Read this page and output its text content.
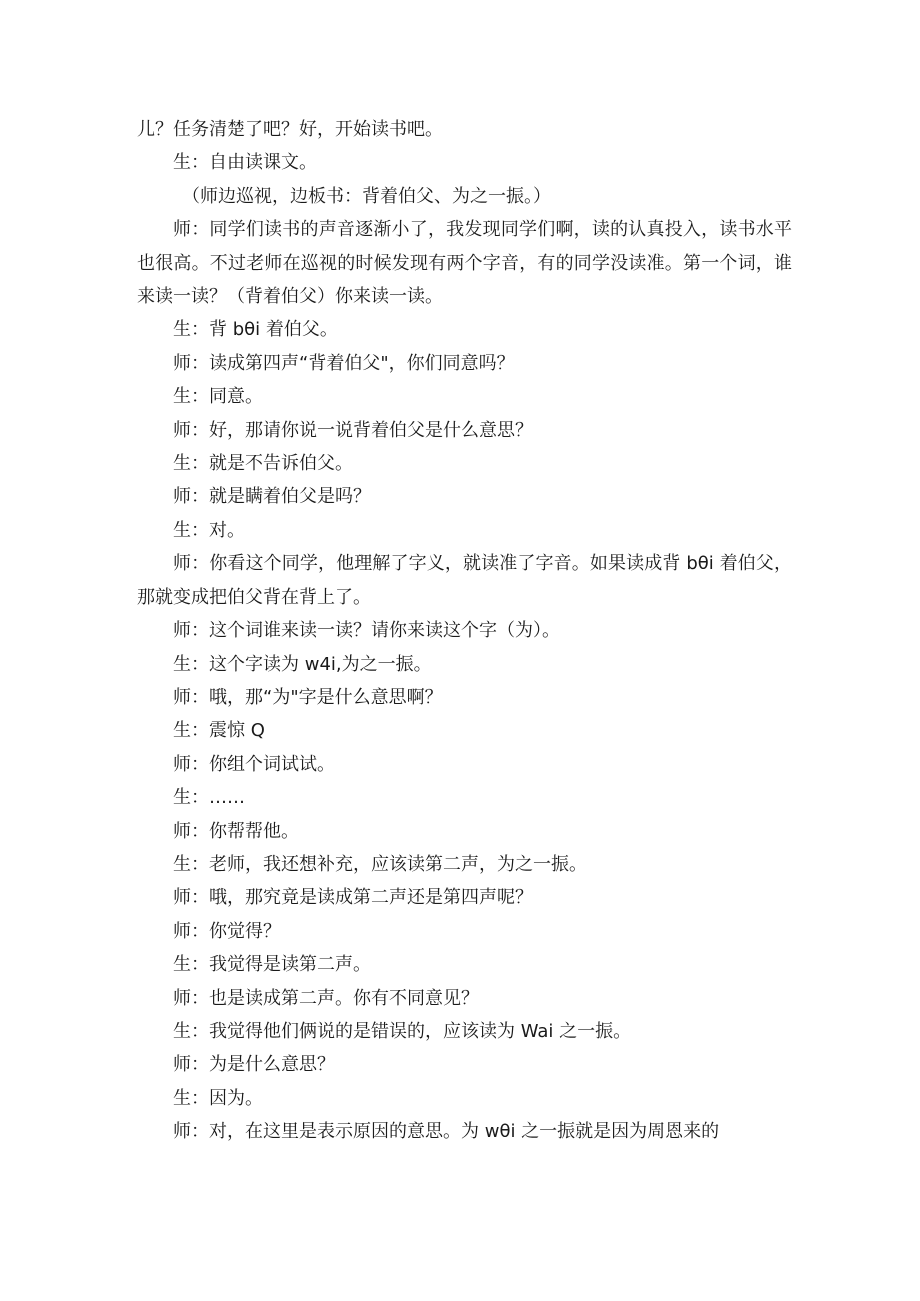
儿？任务清楚了吧？好，开始读书吧。

生：自由读课文。

（师边巡视，边板书：背着伯父、为之一振。）

师：同学们读书的声音逐渐小了，我发现同学们啊，读的认真投入，读书水平也很高。不过老师在巡视的时候发现有两个字音，有的同学没读准。第一个词，谁来读一读？（背着伯父）你来读一读。

生：背 bθi 着伯父。

师：读成第四声“背着伯父"，你们同意吗？

生：同意。

师：好，那请你说一说背着伯父是什么意思？

生：就是不告诉伯父。

师：就是瞒着伯父是吗？

生：对。

师：你看这个同学，他理解了字义，就读准了字音。如果读成背 bθi 着伯父，那就变成把伯父背在背上了。

师：这个词谁来读一读？请你来读这个字（为）。

生：这个字读为 w4i,为之一振。

师：哦，那“为"字是什么意思啊？

生：震惊 Q

师：你组个词试试。

生：……

师：你帮帮他。

生：老师，我还想补充，应该读第二声，为之一振。

师：哦，那究竟是读成第二声还是第四声呢？

师：你觉得？

生：我觉得是读第二声。

师：也是读成第二声。你有不同意见？

生：我觉得他们俩说的是错误的，应该读为 Wai 之一振。

师：为是什么意思？

生：因为。

师：对，在这里是表示原因的意思。为 wθi 之一振就是因为周恩来的
